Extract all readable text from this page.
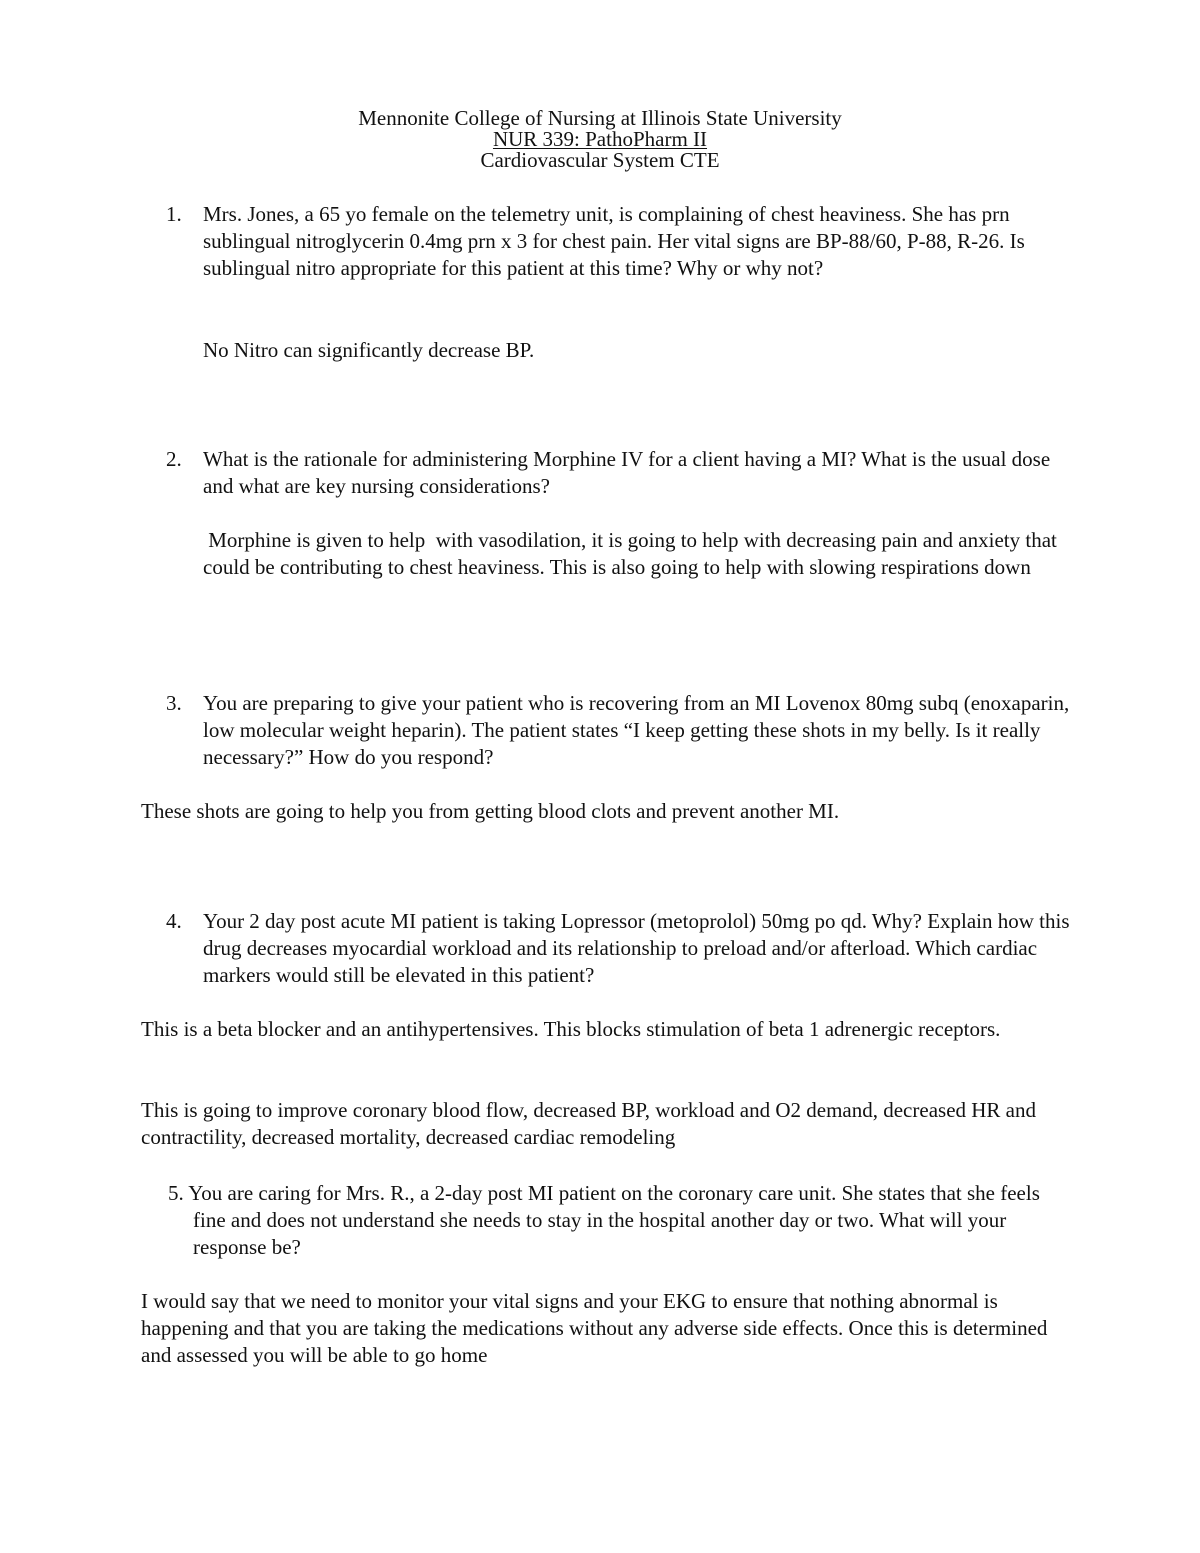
Mennonite College of Nursing at Illinois State University
NUR 339: PathoPharm II
Cardiovascular System CTE
1. Mrs. Jones, a 65 yo female on the telemetry unit, is complaining of chest heaviness. She has prn sublingual nitroglycerin 0.4mg prn x 3 for chest pain. Her vital signs are BP-88/60, P-88, R-26. Is sublingual nitro appropriate for this patient at this time? Why or why not?

No Nitro can significantly decrease BP.

2. What is the rationale for administering Morphine IV for a client having a MI? What is the usual dose and what are key nursing considerations?

Morphine is given to help  with vasodilation, it is going to help with decreasing pain and anxiety that could be contributing to chest heaviness. This is also going to help with slowing respirations down

3. You are preparing to give your patient who is recovering from an MI Lovenox 80mg subq (enoxaparin, low molecular weight heparin). The patient states “I keep getting these shots in my belly. Is it really necessary?” How do you respond?

These shots are going to help you from getting blood clots and prevent another MI.

4. Your 2 day post acute MI patient is taking Lopressor (metoprolol) 50mg po qd. Why? Explain how this drug decreases myocardial workload and its relationship to preload and/or afterload. Which cardiac markers would still be elevated in this patient?

This is a beta blocker and an antihypertensives. This blocks stimulation of beta 1 adrenergic receptors.

This is going to improve coronary blood flow, decreased BP, workload and O2 demand, decreased HR and contractility, decreased mortality, decreased cardiac remodeling

5. You are caring for Mrs. R., a 2-day post MI patient on the coronary care unit. She states that she feels fine and does not understand she needs to stay in the hospital another day or two. What will your response be?

I would say that we need to monitor your vital signs and your EKG to ensure that nothing abnormal is happening and that you are taking the medications without any adverse side effects. Once this is determined and assessed you will be able to go home
